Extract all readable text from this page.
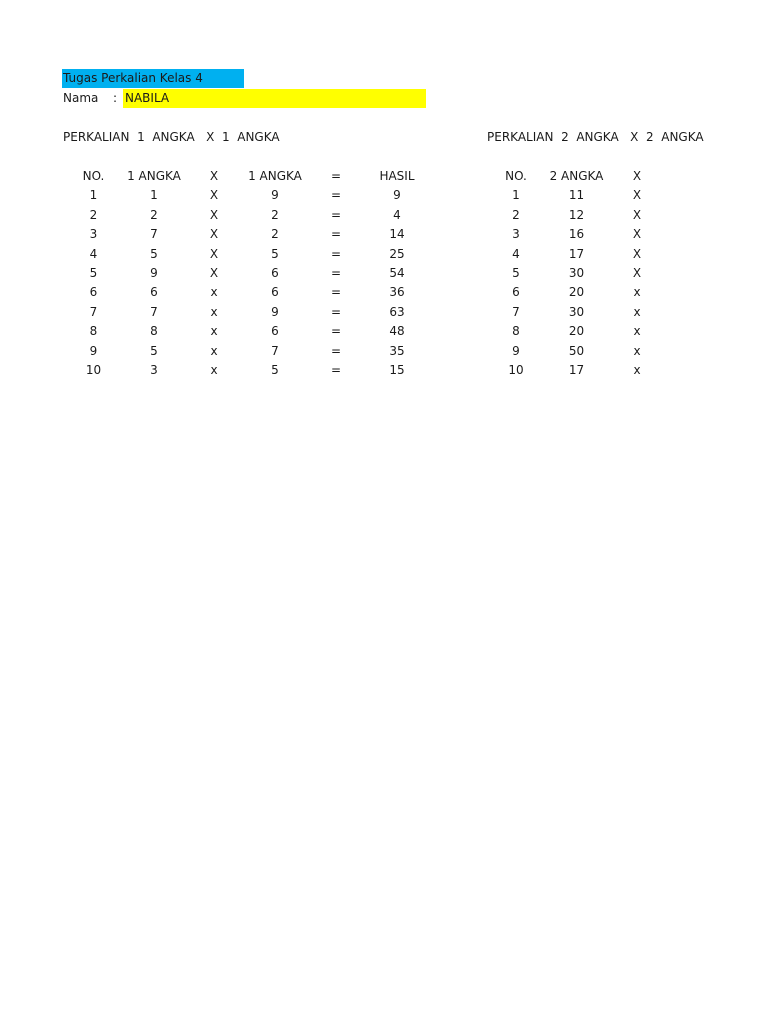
Tugas Perkalian Kelas 4
Nama : NABILA
PERKALIAN  1  ANGKA   X  1  ANGKA	PERKALIAN  2  ANGKA   X  2  ANGKA
NO.	1 ANGKA	X	1 ANGKA	=	HASIL
1	1	X	9	=	9
2	2	X	2	=	4
3	7	X	2	=	14
4	5	X	5	=	25
5	9	X	6	=	54
6	6	x	6	=	36
7	7	x	9	=	63
8	8	x	6	=	48
9	5	x	7	=	35
10	3	x	5	=	15
NO.	2 ANGKA	X
1	11	X
2	12	X
3	16	X
4	17	X
5	30	X
6	20	x
7	30	x
8	20	x
9	50	x
10	17	x
